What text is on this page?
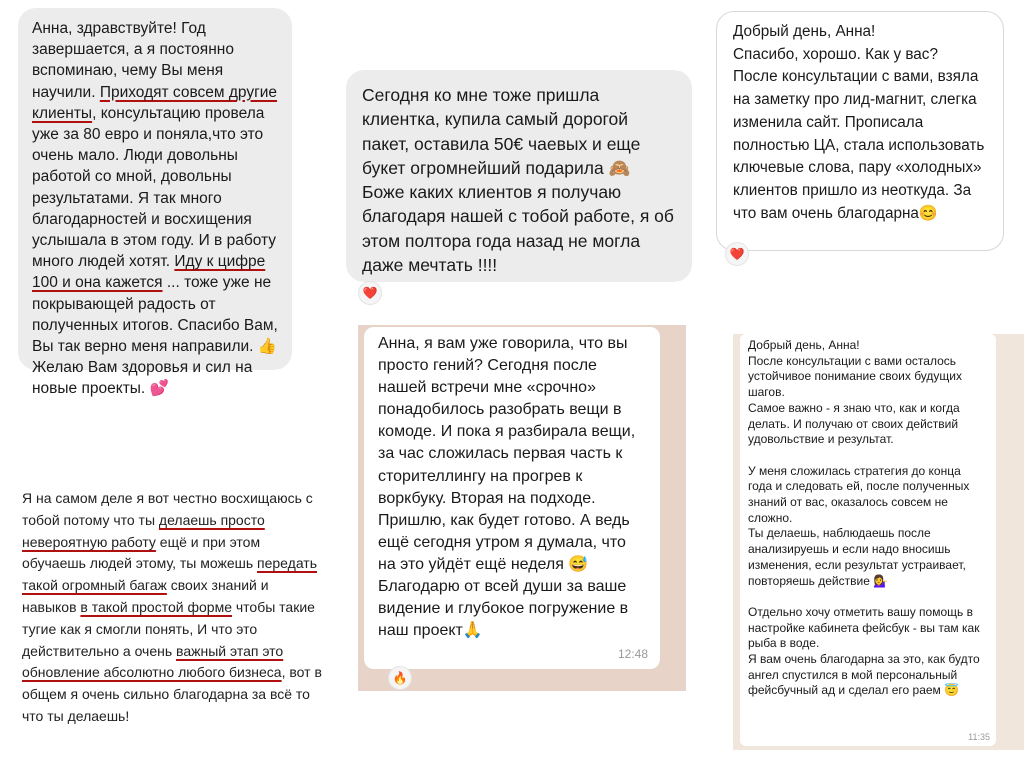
Анна, здравствуйте! Год завершается, а я постоянно вспоминаю, чему Вы меня научили. Приходят совсем другие клиенты, консультацию провела уже за 80 евро и поняла,что это очень мало. Люди довольны работой со мной, довольны результатами. Я так много благодарностей и восхищения услышала в этом году. И в работу много людей хотят. Иду к цифре 100 и она кажется ... тоже уже не покрывающей радость от полученных итогов. Спасибо Вам, Вы так верно меня направили. 👍 Желаю Вам здоровья и сил на новые проекты. 💕
Сегодня ко мне тоже пришла клиентка, купила самый дорогой пакет, оставила 50€ чаевых и еще букет огромнейший подарила 🙈 Боже каких клиентов я получаю благодаря нашей с тобой работе, я об этом полтора года назад не могла даже мечтать !!!!
❤️
Добрый день, Анна!
Спасибо, хорошо. Как у вас?
После консультации с вами, взяла на заметку про лид-магнит, слегка изменила сайт. Прописала полностью ЦА, стала использовать ключевые слова, пару «холодных» клиентов пришло из неоткуда. За что вам очень благодарна😊
❤️
Анна, я вам уже говорила, что вы просто гений? Сегодня после нашей встречи мне «срочно» понадобилось разобрать вещи в комоде. И пока я разбирала вещи, за час сложилась первая часть к сторителлингу на прогрев к воркбуку. Вторая на подходе. Пришлю, как будет готово. А ведь ещё сегодня утром я думала, что на это уйдёт ещё неделя 😅 Благодарю от всей души за ваше видение и глубокое погружение в наш проект🙏
12:48
🔥
Добрый день, Анна!
После консультации с вами осталось устойчивое понимание своих будущих шагов.
Самое важно - я знаю что, как и когда делать. И получаю от своих действий удовольствие и результат.

У меня сложилась стратегия до конца года и следовать ей, после полученных знаний от вас, оказалось совсем не сложно.
Ты делаешь, наблюдаешь после анализируешь и если надо вносишь изменения, если результат устраивает, повторяешь действие 💁‍♀️

Отдельно хочу отметить вашу помощь в настройке кабинета фейсбук - вы там как рыба в воде.
Я вам очень благодарна за это, как будто ангел спустился в мой персональный фейсбучный ад и сделал его раем 😇
11:35
Я на самом деле я вот честно восхищаюсь с тобой потому что ты делаешь просто невероятную работу ещё и при этом обучаешь людей этому, ты можешь передать такой огромный багаж своих знаний и навыков в такой простой форме чтобы такие тугие как я смогли понять, И что это действительно а очень важный этап это обновление абсолютно любого бизнеса, вот в общем я очень сильно благодарна за всё то что ты делаешь!
